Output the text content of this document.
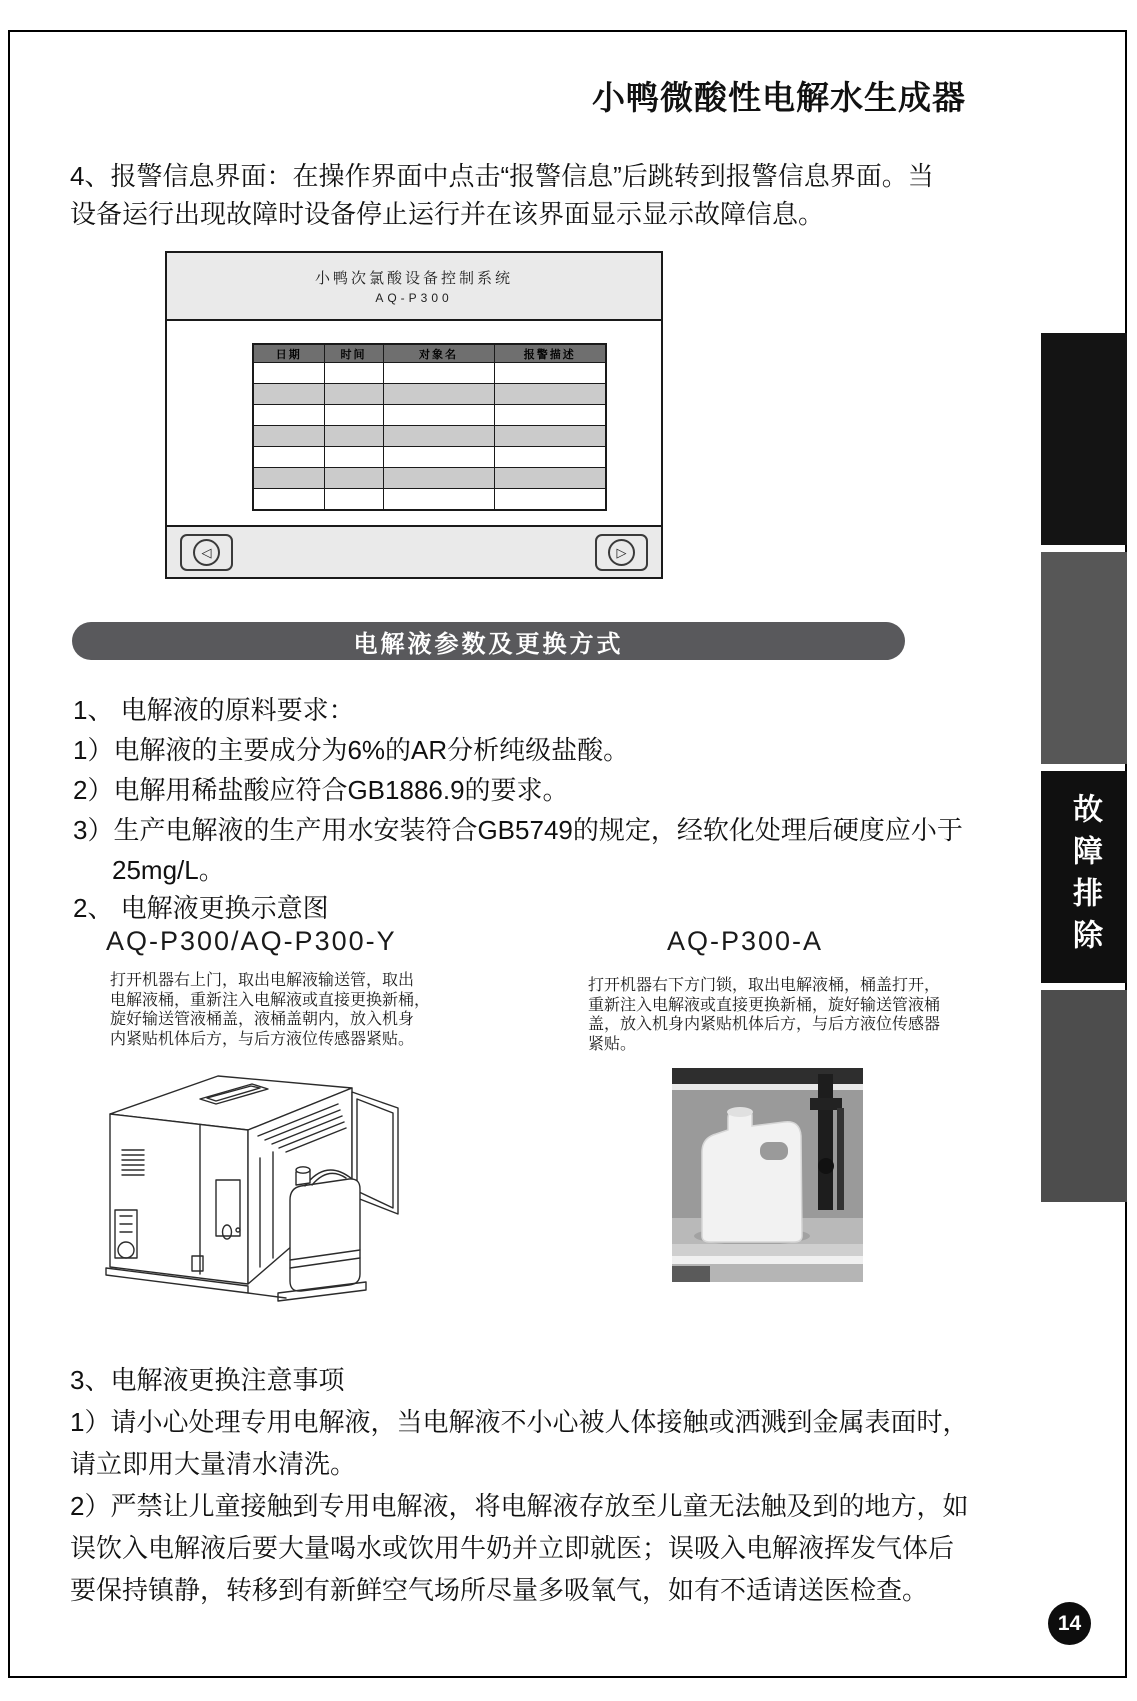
小鸭微酸性电解水生成器
4、报警信息界面：在操作界面中点击“报警信息”后跳转到报警信息界面。当
设备运行出现故障时设备停止运行并在该界面显示显示故障信息。
小鸭次氯酸设备控制系统
AQ-P300
日期	时间	对象名	报警描述

◁	▷
电解液参数及更换方式
1、 电解液的原料要求：
1）电解液的主要成分为6%的AR分析纯级盐酸。
2）电解用稀盐酸应符合GB1886.9的要求。
3）生产电解液的生产用水安装符合GB5749的规定，经软化处理后硬度应小于
25mg/L。
2、 电解液更换示意图
AQ-P300/AQ-P300-Y	AQ-P300-A
打开机器右上门，取出电解液输送管，取出
电解液桶，重新注入电解液或直接更换新桶，
旋好输送管液桶盖，液桶盖朝内，放入机身
内紧贴机体后方，与后方液位传感器紧贴。
打开机器右下方门锁，取出电解液桶，桶盖打开，
重新注入电解液或直接更换新桶，旋好输送管液桶
盖，放入机身内紧贴机体后方，与后方液位传感器
紧贴。
3、电解液更换注意事项
1）请小心处理专用电解液，当电解液不小心被人体接触或洒溅到金属表面时，
请立即用大量清水清洗。
2）严禁让儿童接触到专用电解液，将电解液存放至儿童无法触及到的地方，如
误饮入电解液后要大量喝水或饮用牛奶并立即就医；误吸入电解液挥发气体后
要保持镇静，转移到有新鲜空气场所尽量多吸氧气，如有不适请送医检查。
故障排除
14
